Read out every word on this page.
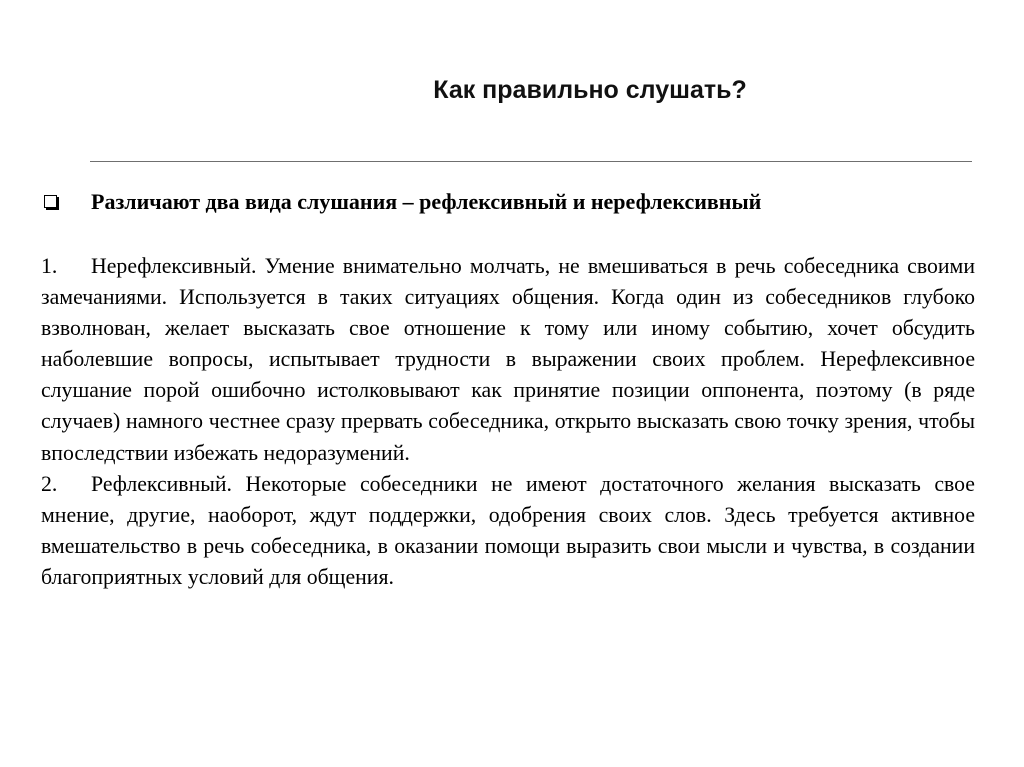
Как правильно слушать?
Различают два вида слушания – рефлексивный и нерефлексивный

1. Нерефлексивный. Умение внимательно молчать, не вмешиваться в речь собеседника своими замечаниями. Используется в таких ситуациях общения. Когда один из собеседников глубоко взволнован, желает высказать свое отношение к тому или иному событию, хочет обсудить наболевшие вопросы, испытывает трудности в выражении своих проблем. Нерефлексивное слушание порой ошибочно истолковывают как принятие позиции оппонента, поэтому (в ряде случаев) намного честнее сразу прервать собеседника, открыто высказать свою точку зрения, чтобы впоследствии избежать недоразумений.

2. Рефлексивный. Некоторые собеседники не имеют достаточного желания высказать свое мнение, другие, наоборот, ждут поддержки, одобрения своих слов. Здесь требуется активное вмешательство в речь собеседника, в оказании помощи выразить свои мысли и чувства, в создании благоприятных условий для общения.
